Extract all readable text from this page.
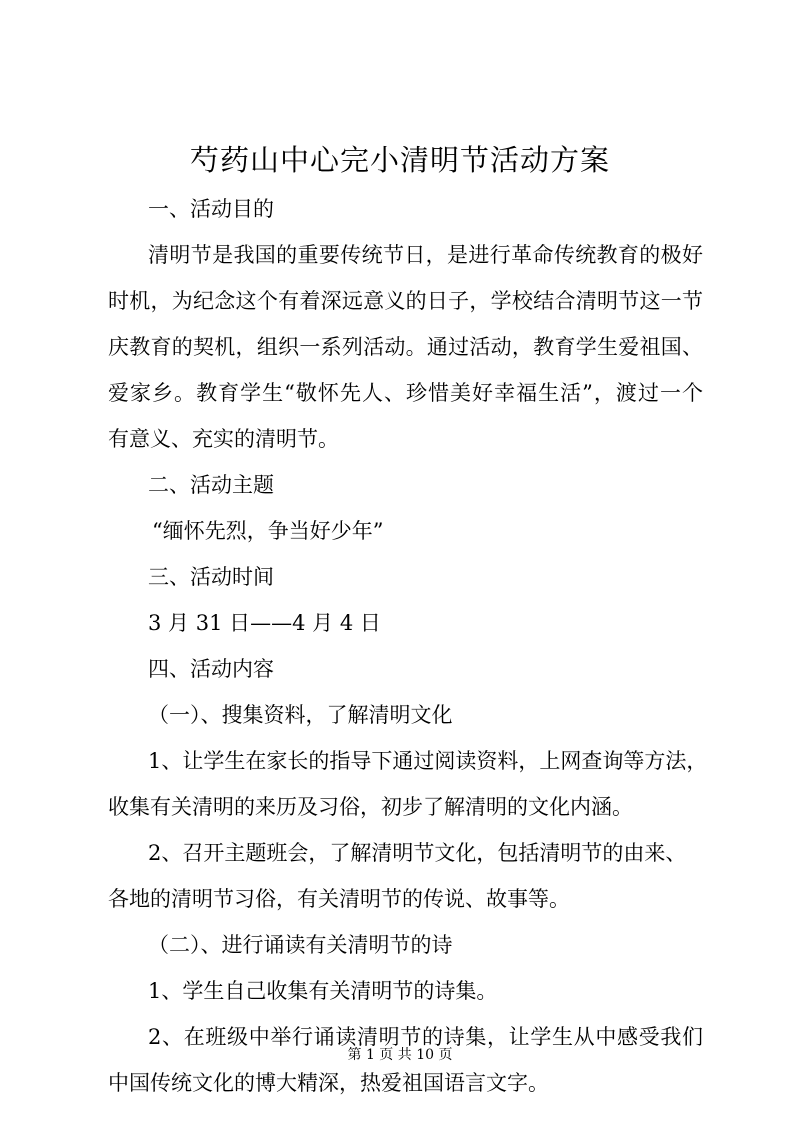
芍药山中心完小清明节活动方案
一、活动目的
清明节是我国的重要传统节日，是进行革命传统教育的极好
时机，为纪念这个有着深远意义的日子，学校结合清明节这一节
庆教育的契机，组织一系列活动。通过活动，教育学生爱祖国、
爱家乡。教育学生“敬怀先人、珍惜美好幸福生活”，渡过一个
有意义、充实的清明节。
二、活动主题
“缅怀先烈，争当好少年”
三、活动时间
3 月 31 日——4 月 4 日
四、活动内容
（一）、搜集资料，了解清明文化
1、让学生在家长的指导下通过阅读资料，上网查询等方法，
收集有关清明的来历及习俗，初步了解清明的文化内涵。
2、召开主题班会，了解清明节文化，包括清明节的由来、
各地的清明节习俗，有关清明节的传说、故事等。
（二）、进行诵读有关清明节的诗
1、学生自己收集有关清明节的诗集。
2、在班级中举行诵读清明节的诗集，让学生从中感受我们
中国传统文化的博大精深，热爱祖国语言文字。
第 1 页 共 10 页
